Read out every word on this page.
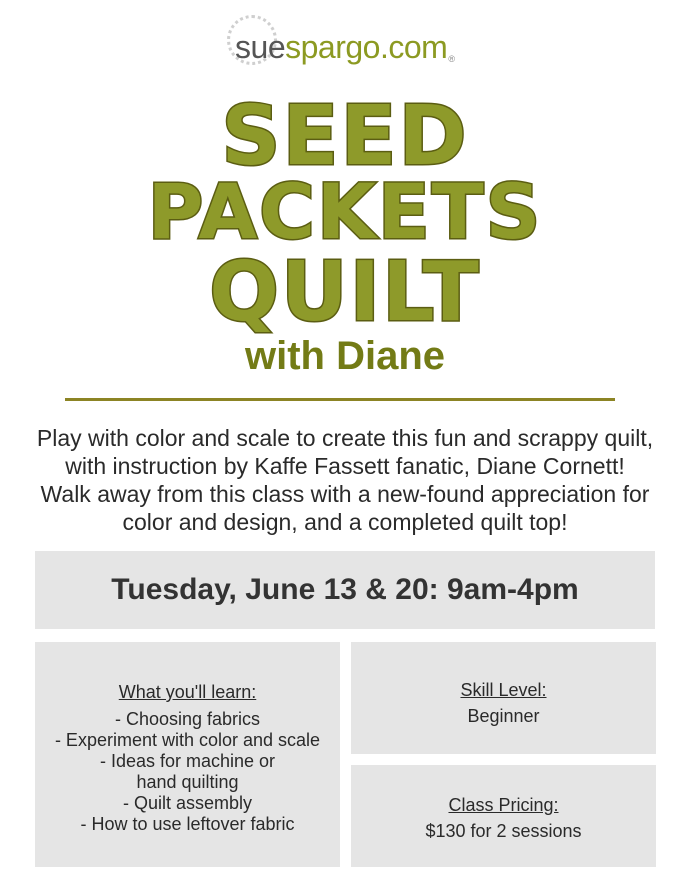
sue spargo.com ®
SEED
PACKETS
QUILT
with Diane
Play with color and scale to create this fun and scrappy quilt,
with instruction by Kaffe Fassett fanatic, Diane Cornett!
Walk away from this class with a new-found appreciation for
color and design, and a completed quilt top!
Tuesday, June 13 & 20: 9am-4pm
What you'll learn:
- Choosing fabrics
- Experiment with color and scale
- Ideas for machine or
hand quilting
- Quilt assembly
- How to use leftover fabric
Skill Level:
Beginner
Class Pricing:
$130 for 2 sessions
